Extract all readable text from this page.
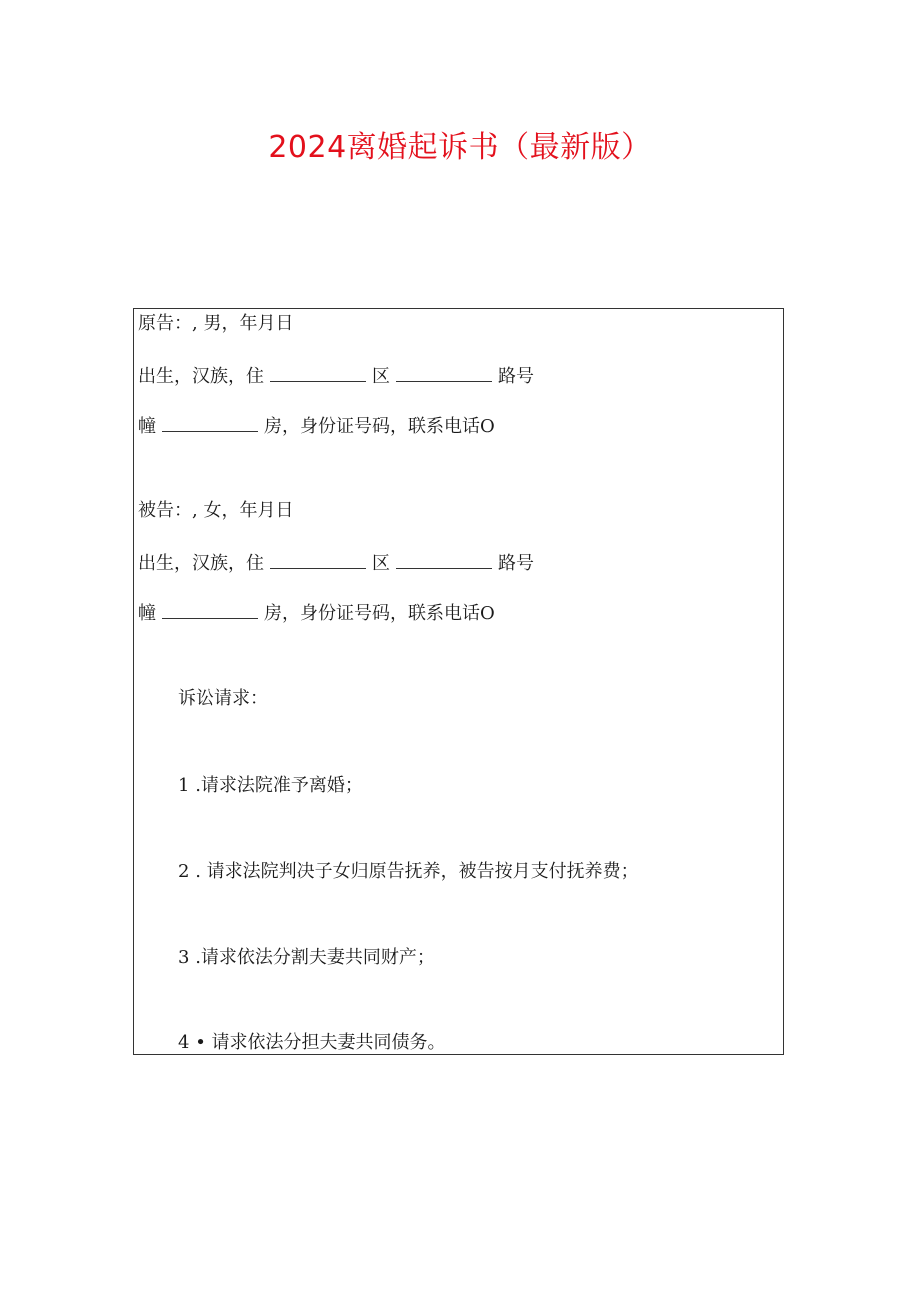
2024离婚起诉书（最新版）
原告：, 男，年月日
出生，汉族，住	区	路号
幢	房，身份证号码，联系电话O
被告：, 女，年月日
出生，汉族，住	区	路号
幢	房，身份证号码，联系电话O
诉讼请求：
1 .请求法院准予离婚；
2 . 请求法院判决子女归原告抚养，被告按月支付抚养费；
3 .请求依法分割夫妻共同财产；
4 • 请求依法分担夫妻共同债务。
